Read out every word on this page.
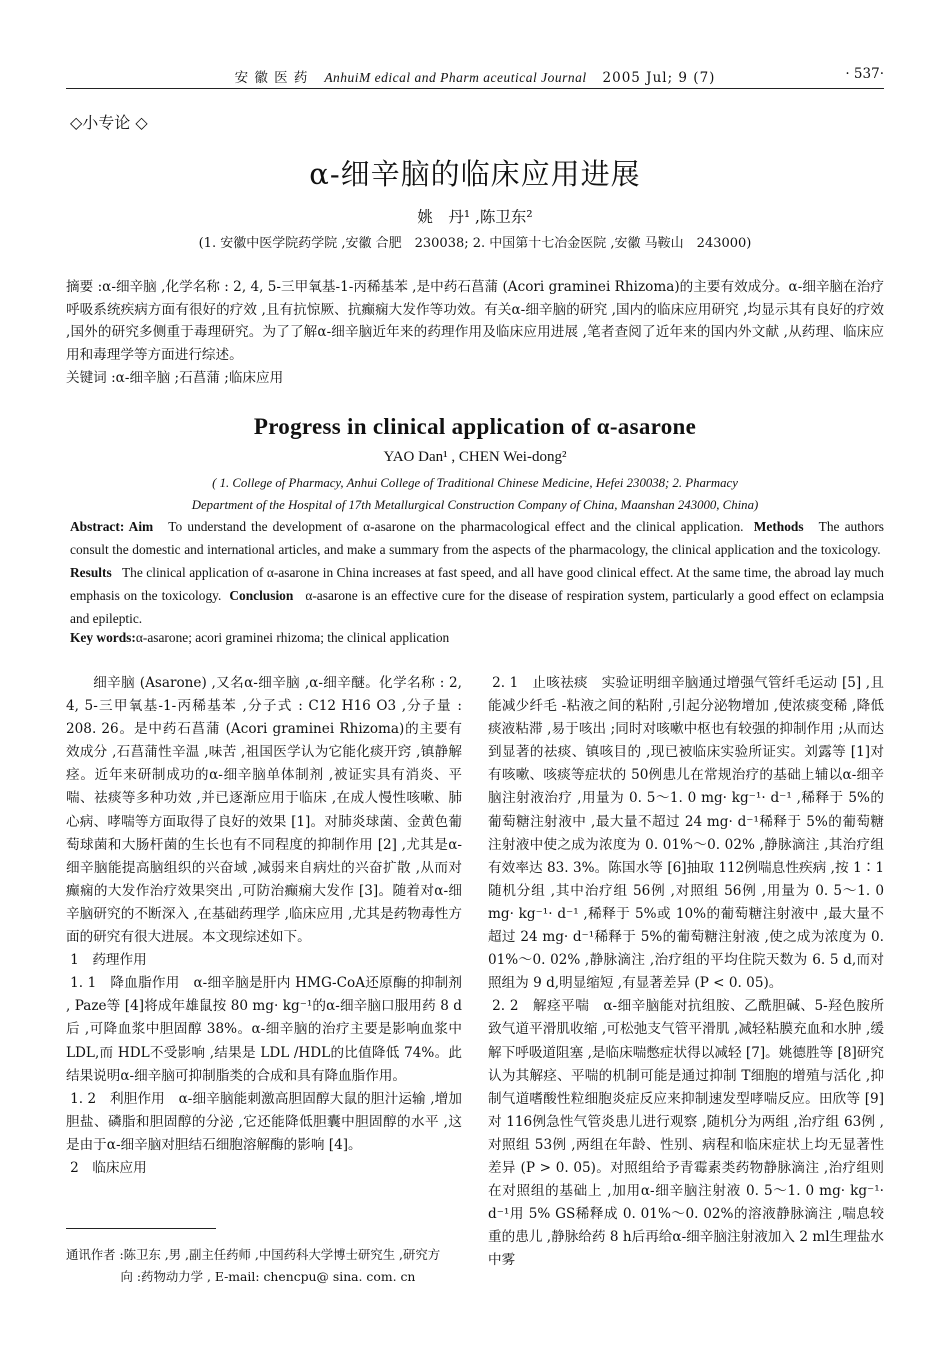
安 徽 医 药 AnhuiM edical and Pharm aceutical Journal 2005 Jul; 9 (7)	· 537·
◇小专论 ◇
α-细辛脑的临床应用进展
姚　丹¹ ,陈卫东²
(1. 安徽中医学院药学院 ,安徽 合肥　230038; 2. 中国第十七冶金医院 ,安徽 马鞍山　243000)
摘要 :α-细辛脑 ,化学名称 : 2, 4, 5-三甲氧基-1-丙稀基苯 ,是中药石菖蒲 (Acori graminei Rhizoma)的主要有效成分。α-细辛脑在治疗呼吸系统疾病方面有很好的疗效 ,且有抗惊厥、抗癫痫大发作等功效。有关α-细辛脑的研究 ,国内的临床应用研究 ,均显示其有良好的疗效 ,国外的研究多侧重于毒理研究。为了了解α-细辛脑近年来的药理作用及临床应用进展 ,笔者查阅了近年来的国内外文献 ,从药理、临床应用和毒理学等方面进行综述。
关键词 :α-细辛脑 ;石菖蒲 ;临床应用
Progress in clinical application of α-asarone
YAO Dan¹ , CHEN Wei-dong²
( 1. College of Pharmacy, Anhui College of Traditional Chinese Medicine, Hefei 230038; 2. Pharmacy
Department of the Hospital of 17th Metallurgical Construction Company of China, Maanshan 243000, China)
Abstract: Aim To understand the development of α-asarone on the pharmacological effect and the clinical application. Methods The authors consult the domestic and international articles, and make a summary from the aspects of the pharmacology, the clinical application and the toxicology.  Results The clinical application of α-asarone in China increases at fast speed, and all have good clinical effect. At the same time, the abroad lay much emphasis on the toxicology. Conclusion α-asarone is an effective cure for the disease of respiration system, particularly a good effect on eclampsia and epileptic.
Key words:α-asarone; acori graminei rhizoma; the clinical application

细辛脑 (Asarone) ,又名α-细辛脑 ,α-细辛醚。化学名称 : 2, 4, 5-三甲氧基-1-丙稀基苯 ,分子式 : C12 H16 O3 ,分子量 : 208. 26。是中药石菖蒲 (Acori graminei Rhizoma)的主要有效成分 ,石菖蒲性辛温 ,味苦 ,祖国医学认为它能化痰开窍 ,镇静解痉。近年来研制成功的α-细辛脑单体制剂 ,被证实具有消炎、平喘、祛痰等多种功效 ,并已逐渐应用于临床 ,在成人慢性咳嗽、肺心病、哮喘等方面取得了良好的效果 [1]。对肺炎球菌、金黄色葡萄球菌和大肠杆菌的生长也有不同程度的抑制作用 [2] ,尤其是α-细辛脑能提高脑组织的兴奋域 ,减弱来自病灶的兴奋扩散 ,从而对癫痫的大发作治疗效果突出 ,可防治癫痫大发作 [3]。随着对α-细辛脑研究的不断深入 ,在基础药理学 ,临床应用 ,尤其是药物毒性方面的研究有很大进展。本文现综述如下。

1　药理作用

1. 1　降血脂作用　α-细辛脑是肝内 HMG-CoA还原酶的抑制剂 , Paze等 [4]将成年雄鼠按 80 mg· kg⁻¹的α-细辛脑口服用药 8 d后 ,可降血浆中胆固醇 38%。α-细辛脑的治疗主要是影响血浆中 LDL,而 HDL不受影响 ,结果是 LDL /HDL的比值降低 74%。此结果说明α-细辛脑可抑制脂类的合成和具有降血脂作用。

1. 2　利胆作用　α-细辛脑能刺激高胆固醇大鼠的胆汁运输 ,增加胆盐、磷脂和胆固醇的分泌 ,它还能降低胆囊中胆固醇的水平 ,这是由于α-细辛脑对胆结石细胞溶解酶的影响 [4]。

2　临床应用

2. 1　止咳祛痰　实验证明细辛脑通过增强气管纤毛运动 [5] ,且能减少纤毛 -粘液之间的粘附 ,引起分泌物增加 ,使浓痰变稀 ,降低痰液粘滞 ,易于咳出 ;同时对咳嗽中枢也有较强的抑制作用 ;从而达到显著的祛痰、镇咳目的 ,现已被临床实验所证实。刘露等 [1]对有咳嗽、咳痰等症状的 50例患儿在常规治疗的基础上辅以α-细辛脑注射液治疗 ,用量为 0. 5～1. 0 mg· kg⁻¹· d⁻¹ ,稀释于 5%的葡萄糖注射液中 ,最大量不超过 24 mg· d⁻¹稀释于 5%的葡萄糖注射液中使之成为浓度为 0. 01%～0. 02% ,静脉滴注 ,其治疗组有效率达 83. 3%。陈国水等 [6]抽取 112例喘息性疾病 ,按 1∶1随机分组 ,其中治疗组 56例 ,对照组 56例 ,用量为 0. 5～1. 0 mg· kg⁻¹· d⁻¹ ,稀释于 5%或 10%的葡萄糖注射液中 ,最大量不超过 24 mg· d⁻¹稀释于 5%的葡萄糖注射液 ,使之成为浓度为 0. 01%～0. 02% ,静脉滴注 ,治疗组的平均住院天数为 6. 5 d,而对照组为 9 d,明显缩短 ,有显著差异 (P < 0. 05)。

2. 2　解痉平喘　α-细辛脑能对抗组胺、乙酰胆碱、5-羟色胺所致气道平滑肌收缩 ,可松弛支气管平滑肌 ,减轻粘膜充血和水肿 ,缓解下呼吸道阻塞 ,是临床喘憋症状得以减轻 [7]。姚德胜等 [8]研究认为其解痉、平喘的机制可能是通过抑制 T细胞的增殖与活化 ,抑制气道嗜酸性粒细胞炎症反应来抑制速发型哮喘反应。田欣等 [9]对 116例急性气管炎患儿进行观察 ,随机分为两组 ,治疗组 63例 ,对照组 53例 ,两组在年龄、性别、病程和临床症状上均无显著性差异 (P > 0. 05)。对照组给予青霉素类药物静脉滴注 ,治疗组则在对照组的基础上 ,加用α-细辛脑注射液 0. 5～1. 0 mg· kg⁻¹· d⁻¹用 5% GS稀释成 0. 01%～0. 02%的溶液静脉滴注 ,喘息较重的患儿 ,静脉给药 8 h后再给α-细辛脑注射液加入 2 ml生理盐水中雾

通讯作者 :陈卫东 ,男 ,副主任药师 ,中国药科大学博士研究生 ,研究方
向 :药物动力学 , E-mail: chencpu@ sina. com. cn
